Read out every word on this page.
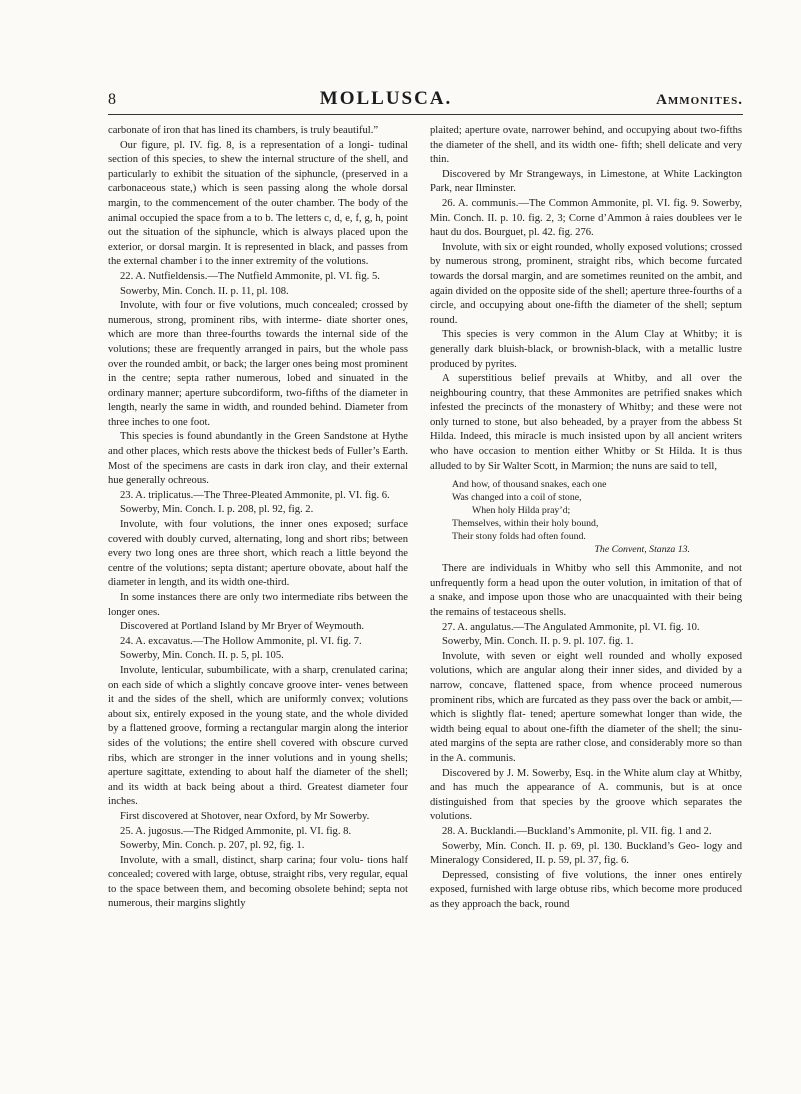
8	MOLLUSCA.	Ammonites.

carbonate of iron that has lined its chambers, is truly beautiful.”

Our figure, pl. IV. fig. 8, is a representation of a longi- tudinal section of this species, to shew the internal structure of the shell, and particularly to exhibit the situation of the siphuncle, (preserved in a carbonaceous state,) which is seen passing along the whole dorsal margin, to the commencement of the outer chamber. The body of the animal occupied the space from a to b. The letters c, d, e, f, g, h, point out the situation of the siphuncle, which is always placed upon the exterior, or dorsal margin. It is represented in black, and passes from the external chamber i to the inner extremity of the volutions.

22. A. Nutfieldensis.—The Nutfield Ammonite, pl. VI. fig. 5.

Sowerby, Min. Conch. II. p. 11, pl. 108.

Involute, with four or five volutions, much concealed; crossed by numerous, strong, prominent ribs, with interme- diate shorter ones, which are more than three-fourths towards the internal side of the volutions; these are frequently arranged in pairs, but the whole pass over the rounded ambit, or back; the larger ones being most prominent in the centre; septa rather numerous, lobed and sinuated in the ordinary manner; aperture subcordiform, two-fifths of the diameter in length, nearly the same in width, and rounded behind. Diameter from three inches to one foot.

This species is found abundantly in the Green Sandstone at Hythe and other places, which rests above the thickest beds of Fuller’s Earth. Most of the specimens are casts in dark iron clay, and their external hue generally ochreous.

23. A. triplicatus.—The Three-Pleated Ammonite, pl. VI. fig. 6.

Sowerby, Min. Conch. I. p. 208, pl. 92, fig. 2.

Involute, with four volutions, the inner ones exposed; surface covered with doubly curved, alternating, long and short ribs; between every two long ones are three short, which reach a little beyond the centre of the volutions; septa distant; aperture obovate, about half the diameter in length, and its width one-third.

In some instances there are only two intermediate ribs between the longer ones.

Discovered at Portland Island by Mr Bryer of Weymouth.

24. A. excavatus.—The Hollow Ammonite, pl. VI. fig. 7.

Sowerby, Min. Conch. II. p. 5, pl. 105.

Involute, lenticular, subumbilicate, with a sharp, crenulated carina; on each side of which a slightly concave groove inter- venes between it and the sides of the shell, which are uniformly convex; volutions about six, entirely exposed in the young state, and the whole divided by a flattened groove, forming a rectangular margin along the interior sides of the volutions; the entire shell covered with obscure curved ribs, which are stronger in the inner volutions and in young shells; aperture sagittate, extending to about half the diameter of the shell; and its width at back being about a third. Greatest diameter four inches.

First discovered at Shotover, near Oxford, by Mr Sowerby.

25. A. jugosus.—The Ridged Ammonite, pl. VI. fig. 8.

Sowerby, Min. Conch. p. 207, pl. 92, fig. 1.

Involute, with a small, distinct, sharp carina; four volu- tions half concealed; covered with large, obtuse, straight ribs, very regular, equal to the space between them, and becoming obsolete behind; septa not numerous, their margins slightly

plaited; aperture ovate, narrower behind, and occupying about two-fifths the diameter of the shell, and its width one- fifth; shell delicate and very thin.

Discovered by Mr Strangeways, in Limestone, at White Lackington Park, near Ilminster.

26. A. communis.—The Common Ammonite, pl. VI. fig. 9. Sowerby, Min. Conch. II. p. 10. fig. 2, 3; Corne d’Ammon à raies doublees ver le haut du dos. Bourguet, pl. 42. fig. 276.

Involute, with six or eight rounded, wholly exposed volutions; crossed by numerous strong, prominent, straight ribs, which become furcated towards the dorsal margin, and are sometimes reunited on the ambit, and again divided on the opposite side of the shell; aperture three-fourths of a circle, and occupying about one-fifth the diameter of the shell; septum round.

This species is very common in the Alum Clay at Whitby; it is generally dark bluish-black, or brownish-black, with a metallic lustre produced by pyrites.

A superstitious belief prevails at Whitby, and all over the neighbouring country, that these Ammonites are petrified snakes which infested the precincts of the monastery of Whitby; and these were not only turned to stone, but also beheaded, by a prayer from the abbess St Hilda. Indeed, this miracle is much insisted upon by all ancient writers who have occasion to mention either Whitby or St Hilda. It is thus alluded to by Sir Walter Scott, in Marmion; the nuns are said to tell,

And how, of thousand snakes, each one
Was changed into a coil of stone,
When holy Hilda pray’d;
Themselves, within their holy bound,
Their stony folds had often found.
The Convent, Stanza 13.

There are individuals in Whitby who sell this Ammonite, and not unfrequently form a head upon the outer volution, in imitation of that of a snake, and impose upon those who are unacquainted with their being the remains of testaceous shells.

27. A. angulatus.—The Angulated Ammonite, pl. VI. fig. 10.

Sowerby, Min. Conch. II. p. 9. pl. 107. fig. 1.

Involute, with seven or eight well rounded and wholly exposed volutions, which are angular along their inner sides, and divided by a narrow, concave, flattened space, from whence proceed numerous prominent ribs, which are furcated as they pass over the back or ambit,—which is slightly flat- tened; aperture somewhat longer than wide, the width being equal to about one-fifth the diameter of the shell; the sinu- ated margins of the septa are rather close, and considerably more so than in the A. communis.

Discovered by J. M. Sowerby, Esq. in the White alum clay at Whitby, and has much the appearance of A. communis, but is at once distinguished from that species by the groove which separates the volutions.

28. A. Bucklandi.—Buckland’s Ammonite, pl. VII. fig. 1 and 2.

Sowerby, Min. Conch. II. p. 69, pl. 130. Buckland’s Geo- logy and Mineralogy Considered, II. p. 59, pl. 37, fig. 6.

Depressed, consisting of five volutions, the inner ones entirely exposed, furnished with large obtuse ribs, which become more produced as they approach the back, round
